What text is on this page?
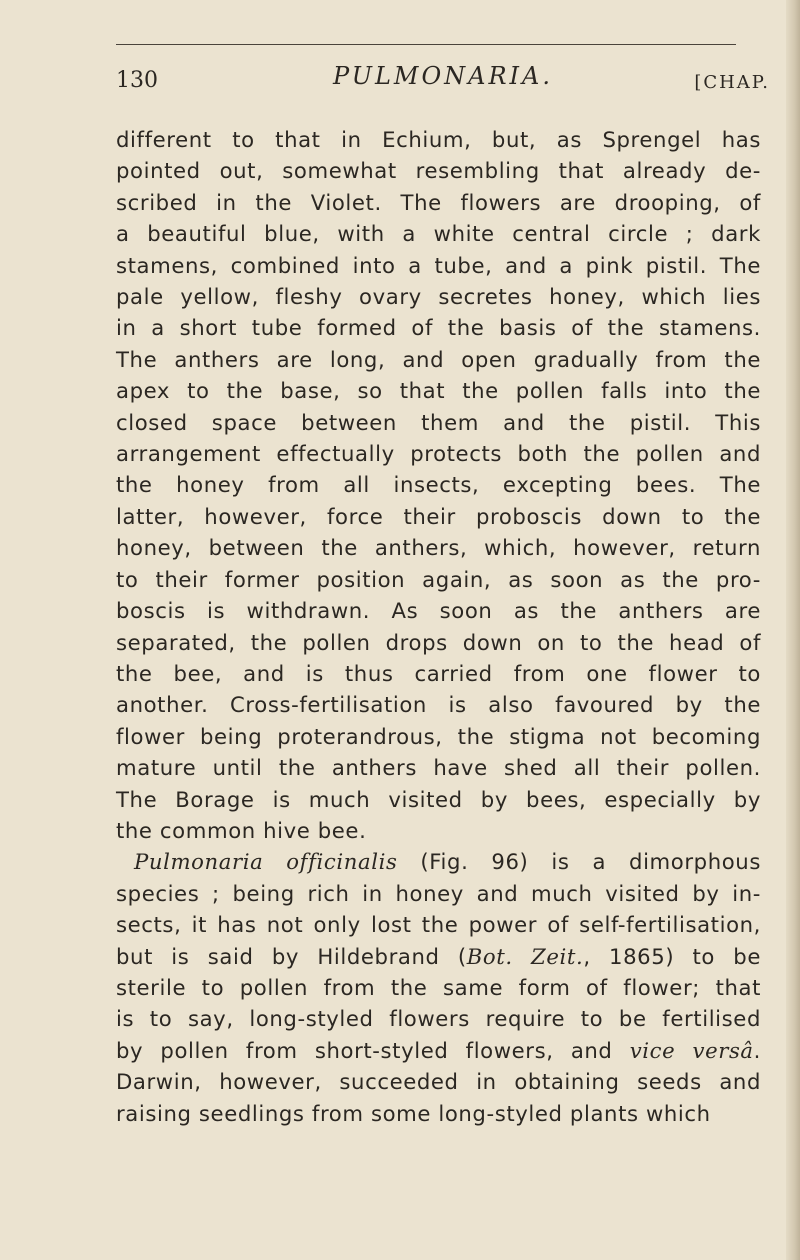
130	PULMONARIA.	[CHAP.
different to that in Echium, but, as Sprengel has
pointed out, somewhat resembling that already de-
scribed in the Violet. The flowers are drooping, of
a beautiful blue, with a white central circle ; dark
stamens, combined into a tube, and a pink pistil. The
pale yellow, fleshy ovary secretes honey, which lies
in a short tube formed of the basis of the stamens.
The anthers are long, and open gradually from the
apex to the base, so that the pollen falls into the
closed space between them and the pistil. This
arrangement effectually protects both the pollen and
the honey from all insects, excepting bees. The
latter, however, force their proboscis down to the
honey, between the anthers, which, however, return
to their former position again, as soon as the pro-
boscis is withdrawn. As soon as the anthers are
separated, the pollen drops down on to the head of
the bee, and is thus carried from one flower to
another. Cross-fertilisation is also favoured by the
flower being proterandrous, the stigma not becoming
mature until the anthers have shed all their pollen.
The Borage is much visited by bees, especially by
the common hive bee.
Pulmonaria officinalis (Fig. 96) is a dimorphous
species ; being rich in honey and much visited by in-
sects, it has not only lost the power of self-fertilisation,
but is said by Hildebrand (Bot. Zeit., 1865) to be
sterile to pollen from the same form of flower; that
is to say, long-styled flowers require to be fertilised
by pollen from short-styled flowers, and vice versâ.
Darwin, however, succeeded in obtaining seeds and
raising seedlings from some long-styled plants which
